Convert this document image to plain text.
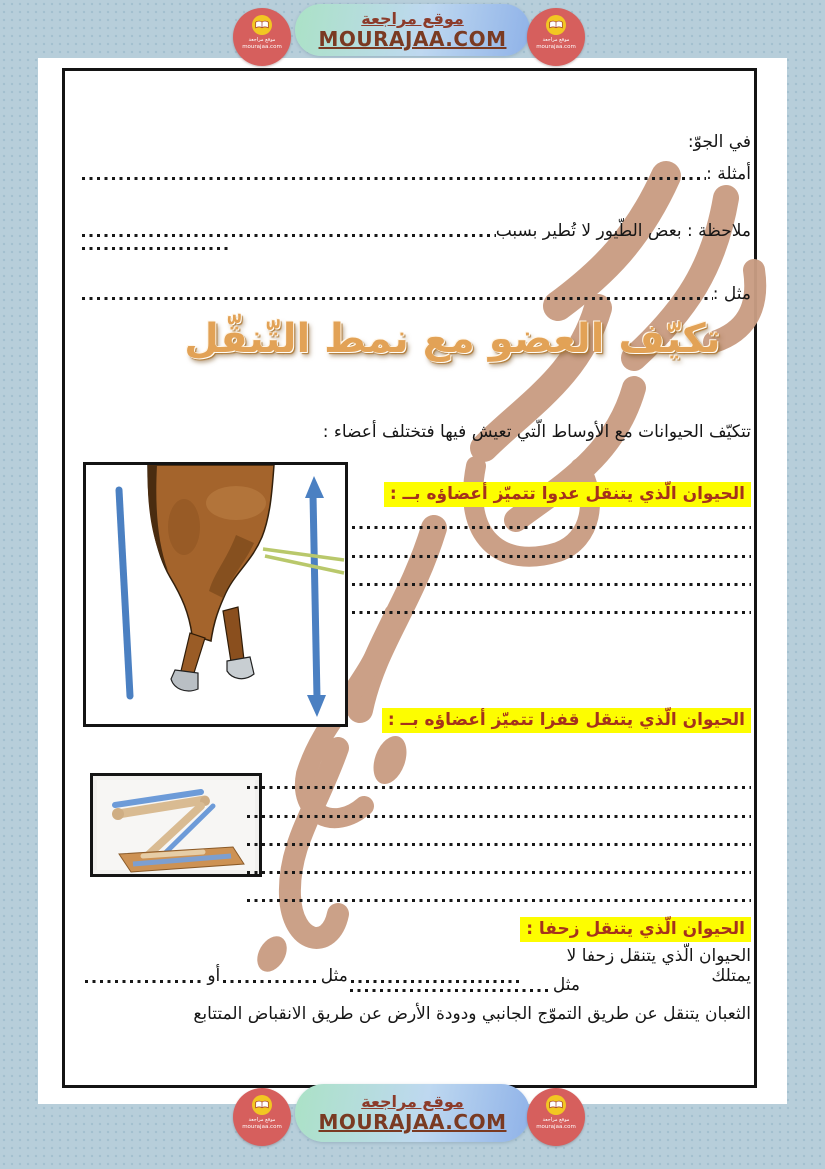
موقع مراجعة
mourajaa.com
موقع مراجعة
MOURAJAA.COM	موقع مراجعة
mourajaa.com
في الجوّ:
أمثلة :
ملاحظة : بعض الطّيور لا تُطير بسبب
مثل :
تكيّف العضو مع نمط التّنقّل
تتكيّف الحيوانات مع الأوساط الّتي تعيش فيها فتختلف أعضاء :
الحيوان الّذي يتنقل عدوا تتميّز أعضاؤه بــ :
الحيوان الّذي يتنقل قفزا تتميّز أعضاؤه بــ :
الحيوان الّذي يتنقل زحفا :
الحيوان الّذي يتنقل زحفا لا يمتلك
مثل
أو	مثل
الثعبان يتنقل عن طريق التموّج الجانبي ودودة الأرض عن طريق الانقباض المتتابع
موقع مراجعة
mourajaa.com
موقع مراجعة
MOURAJAA.COM	موقع مراجعة
mourajaa.com
